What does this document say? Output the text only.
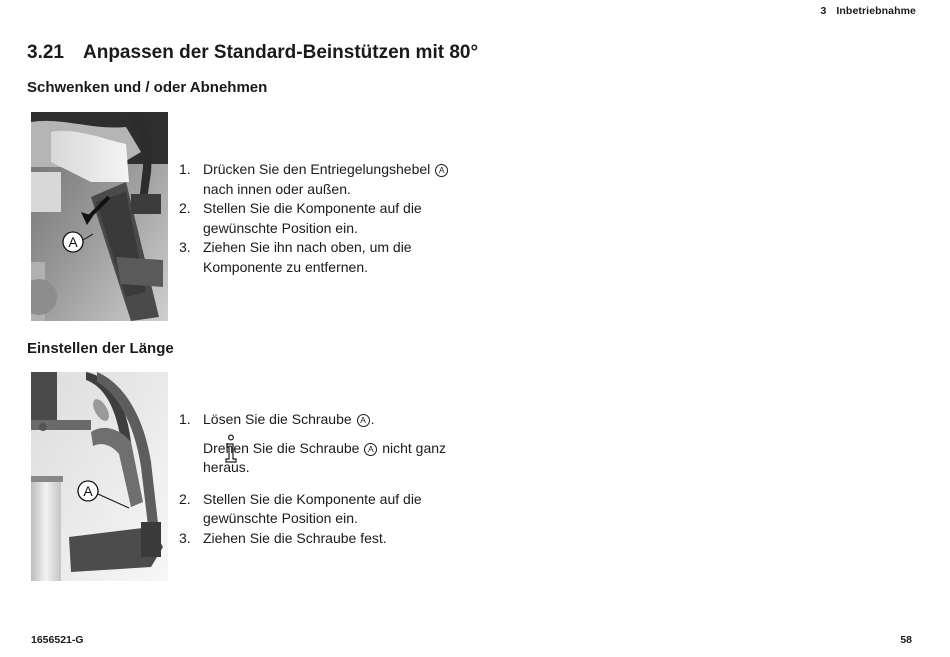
3 Inbetriebnahme
3.21 Anpassen der Standard-Beinstützen mit 80°
Schwenken und / oder Abnehmen
A
1. Drücken Sie den Entriegelungshebel A nach innen oder außen.
2. Stellen Sie die Komponente auf die gewünschte Position ein.
3. Ziehen Sie ihn nach oben, um die Komponente zu entfernen.
Einstellen der Länge
A
1. Lösen Sie die Schraube A .
Drehen Sie die Schraube A nicht ganz heraus.
2. Stellen Sie die Komponente auf die gewünschte Position ein.
3. Ziehen Sie die Schraube fest.
1656521-G	58
